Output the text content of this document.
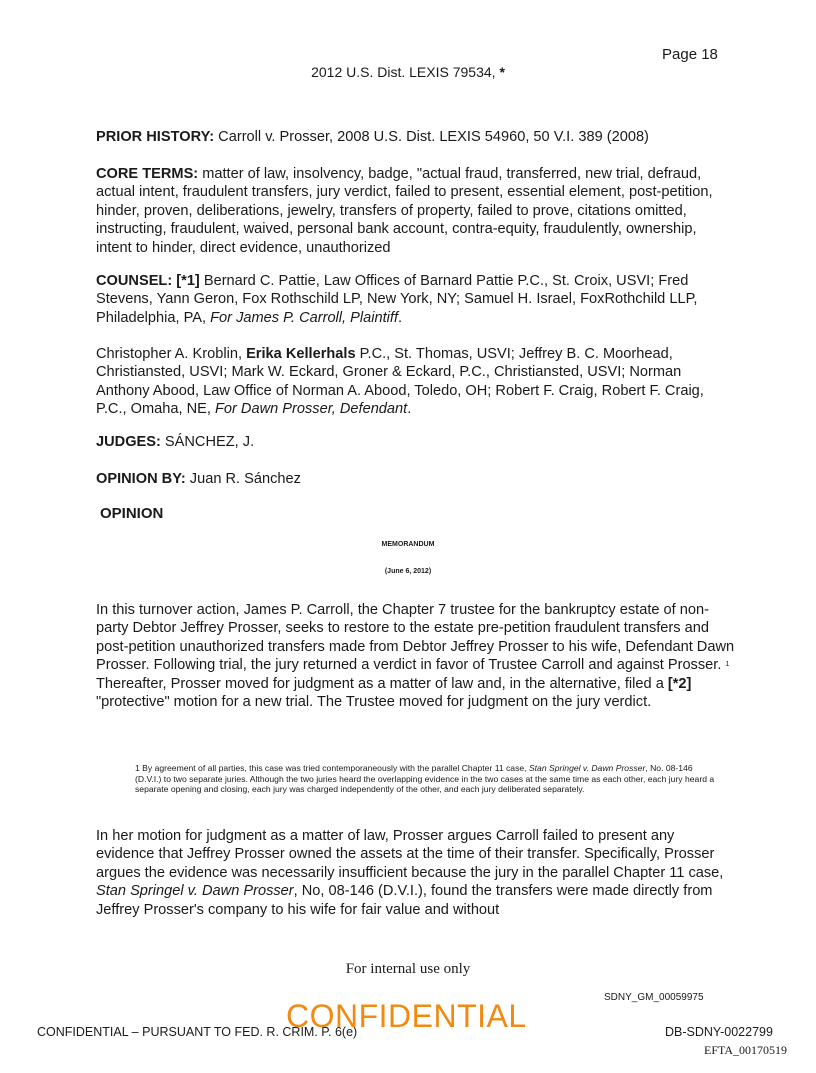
Page 18
2012 U.S. Dist. LEXIS 79534, *
PRIOR HISTORY: Carroll v. Prosser, 2008 U.S. Dist. LEXIS 54960, 50 V.I. 389 (2008)
CORE TERMS: matter of law, insolvency, badge, "actual fraud, transferred, new trial, defraud, actual intent, fraudulent transfers, jury verdict, failed to present, essential element, post-petition, hinder, proven, deliberations, jewelry, transfers of property, failed to prove, citations omitted, instructing, fraudulent, waived, personal bank account, contra-equity, fraudulently, ownership, intent to hinder, direct evidence, unauthorized
COUNSEL: [*1] Bernard C. Pattie, Law Offices of Barnard Pattie P.C., St. Croix, USVI; Fred Stevens, Yann Geron, Fox Rothschild LP, New York, NY; Samuel H. Israel, FoxRothchild LLP, Philadelphia, PA, For James P. Carroll, Plaintiff.
Christopher A. Kroblin, Erika Kellerhals P.C., St. Thomas, USVI; Jeffrey B. C. Moorhead, Christiansted, USVI; Mark W. Eckard, Groner & Eckard, P.C., Christiansted, USVI; Norman Anthony Abood, Law Office of Norman A. Abood, Toledo, OH; Robert F. Craig, Robert F. Craig, P.C., Omaha, NE, For Dawn Prosser, Defendant.
JUDGES: SÁNCHEZ, J.
OPINION BY: Juan R. Sánchez
OPINION
MEMORANDUM
(June 6, 2012)
In this turnover action, James P. Carroll, the Chapter 7 trustee for the bankruptcy estate of non-party Debtor Jeffrey Prosser, seeks to restore to the estate pre-petition fraudulent transfers and post-petition unauthorized transfers made from Debtor Jeffrey Prosser to his wife, Defendant Dawn Prosser. Following trial, the jury returned a verdict in favor of Trustee Carroll and against Prosser. $^1$ Thereafter, Prosser moved for judgment as a matter of law and, in the alternative, filed a [*2] "protective" motion for a new trial. The Trustee moved for judgment on the jury verdict.
1 By agreement of all parties, this case was tried contemporaneously with the parallel Chapter 11 case, Stan Springel v. Dawn Prosser, No. 08-146 (D.V.I.) to two separate juries. Although the two juries heard the overlapping evidence in the two cases at the same time as each other, each jury heard a separate opening and closing, each jury was charged independently of the other, and each jury deliberated separately.
In her motion for judgment as a matter of law, Prosser argues Carroll failed to present any evidence that Jeffrey Prosser owned the assets at the time of their transfer. Specifically, Prosser argues the evidence was necessarily insufficient because the jury in the parallel Chapter 11 case, Stan Springel v. Dawn Prosser, No, 08-146 (D.V.I.), found the transfers were made directly from Jeffrey Prosser's company to his wife for fair value and without
For internal use only
SDNY_GM_00059975
CONFIDENTIAL – PURSUANT TO FED. R. CRIM. P. 6(e)
CONFIDENTIAL	DB-SDNY-0022799
EFTA_00170519
